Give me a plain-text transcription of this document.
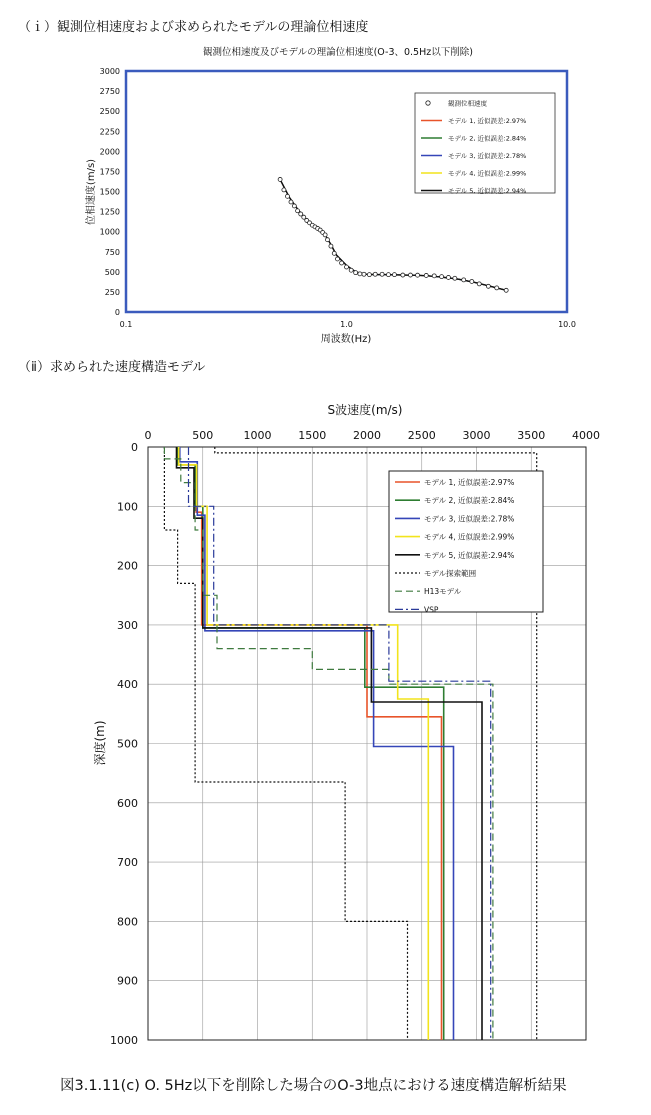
（ｉ）観測位相速度および求められたモデルの理論位相速度
観測位相速度及びモデルの理論位相速度(O-3、0.5Hz以下削除)
0
250
500
750
1000
1250
1500
1750
2000
2250
2500
2750
3000
0.1	1.0	10.0
位相速度(m/s)
周波数(Hz)
観測位相速度
モデル 1, 近似誤差:2.97%
モデル 2, 近似誤差:2.84%
モデル 3, 近似誤差:2.78%
モデル 4, 近似誤差:2.99%
モデル 5, 近似誤差:2.94%
S波速度(m/s)
0	500	1000 1500 2000 2500 3000 3500 4000
0
100
200
300
400
500
600
700
800
900
1000
深度(m)
モデル 1, 近似誤差:2.97%
モデル 2, 近似誤差:2.84%
モデル 3, 近似誤差:2.78%
モデル 4, 近似誤差:2.99%
モデル 5, 近似誤差:2.94%
モデル探索範囲
H13モデル
VSP
（ⅱ）求められた速度構造モデル
図3.1.11(c) O. 5Hz以下を削除した場合のO-3地点における速度構造解析結果
